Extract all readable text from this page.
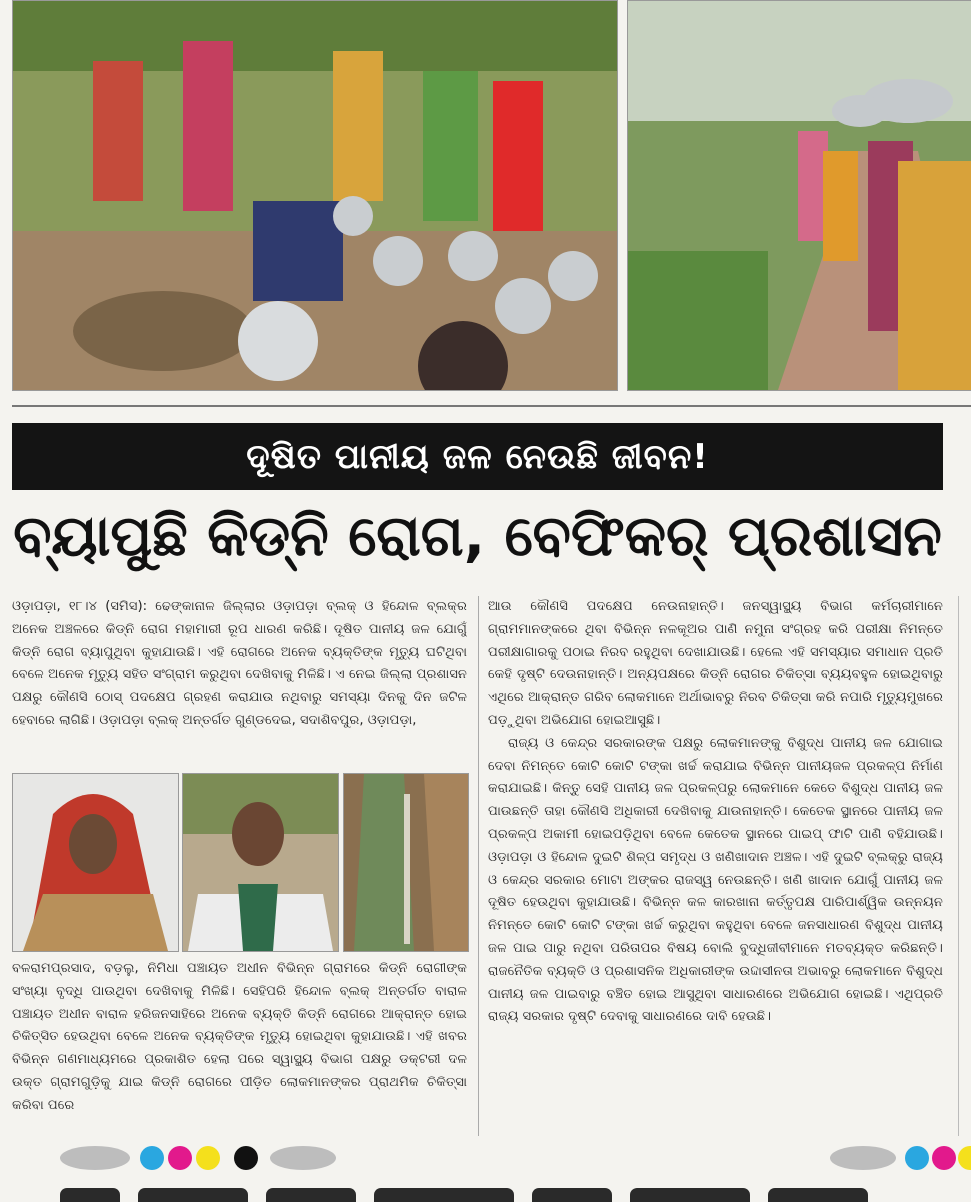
ଦୂଷିତ ପାନୀୟ ଜଳ ନେଉଛି ଜୀବନ!
ବ୍ୟାପୁଛି କିଡ୍‌ନି ରୋଗ, ବେଫିକର୍ ପ୍ରଶାସନ

ଓଡ଼ାପଡ଼ା, ୧୮।୪ (ସମିସ): ଢେଙ୍କାନାଳ ଜିଲ୍ଲାର ଓଡ଼ାପଡ଼ା ବ୍ଲକ୍ ଓ ହିନ୍ଦୋଳ ବ୍ଲକ୍‌ର ଅନେକ ଅଞ୍ଚଳରେ କିଡ୍‌ନି ରୋଗ ମହାମାରୀ ରୂପ ଧାରଣ କରିଛି। ଦୂଷିତ ପାନୀୟ ଜଳ ଯୋଗୁଁ କିଡ୍‌ନି ରୋଗ ବ୍ୟାପୁଥିବା କୁହାଯାଉଛି। ଏହି ରୋଗରେ ଅନେକ ବ୍ୟକ୍ତିଙ୍କ ମୃତ୍ୟୁ ଘଟିଥିବା ବେଳେ ଅନେକ ମୃତ୍ୟୁ ସହିତ ସଂଗ୍ରାମ କରୁଥିବା ଦେଖିବାକୁ ମିଳିଛି। ଏ ନେଇ ଜିଲ୍ଲା ପ୍ରଶାସନ ପକ୍ଷରୁ କୌଣସି ଠୋସ୍ ପଦକ୍ଷେପ ଗ୍ରହଣ କରାଯାଉ ନଥିବାରୁ ସମସ୍ୟା ଦିନକୁ ଦିନ ଜଟିଳ ହେବାରେ ଲାଗିଛି। ଓଡ଼ାପଡ଼ା ବ୍ଲକ୍ ଅନ୍ତର୍ଗତ ଗୁଣ୍ଡଦେଇ, ସଦାଶିବପୁର, ଓଡ଼ାପଡ଼ା,

ବଳରାମପ୍ରସାଦ, ବଡ଼ଲୁ, ନିମିଧା ପଞ୍ଚାୟତ ଅଧୀନ ବିଭିନ୍ନ ଗ୍ରାମରେ କିଡ୍‌ନି ରୋଗୀଙ୍କ ସଂଖ୍ୟା ବୃଦ୍ଧି ପାଉଥିବା ଦେଖିବାକୁ ମିଳିଛି। ସେହିପରି ହିନ୍ଦୋଳ ବ୍ଲକ୍ ଅନ୍ତର୍ଗତ ବାରାଳ ପଞ୍ଚାୟତ ଅଧୀନ ବାରାଳ ହରିଜନସାହିରେ ଅନେକ ବ୍ୟକ୍ତି କିଡ୍‌ନି ରୋଗରେ ଆକ୍ରାନ୍ତ ହୋଇ ଚିକିତ୍ସିତ ହେଉଥିବା ବେଳେ ଅନେକ ବ୍ୟକ୍ତିଙ୍କ ମୃତ୍ୟୁ ହୋଇଥିବା କୁହାଯାଉଛି। ଏହି ଖବର ବିଭିନ୍ନ ଗଣମାଧ୍ୟମରେ ପ୍ରକାଶିତ ହେଲା ପରେ ସ୍ୱାସ୍ଥ୍ୟ ବିଭାଗ ପକ୍ଷରୁ ଡକ୍ଟରୀ ଦଳ ଉକ୍ତ ଗ୍ରାମଗୁଡ଼ିକୁ ଯାଇ କିଡ୍‌ନି ରୋଗରେ ପୀଡ଼ିତ ଲୋକମାନଙ୍କର ପ୍ରାଥମିକ ଚିକିତ୍ସା କରିବା ପରେ

ଆଉ କୌଣସି ପଦକ୍ଷେପ ନେଉନାହାନ୍ତି। ଜନସ୍ୱାସ୍ଥ୍ୟ ବିଭାଗ କର୍ମଚାରୀମାନେ ଗ୍ରାମମାନଙ୍କରେ ଥିବା ବିଭିନ୍ନ ନଳକୂଅର ପାଣି ନମୁନା ସଂଗ୍ରହ କରି ପରୀକ୍ଷା ନିମନ୍ତେ ପରୀକ୍ଷାଗାରକୁ ପଠାଇ ନିରବ ରହୁଥିବା ଦେଖାଯାଉଛି। ହେଲେ ଏହି ସମସ୍ୟାର ସମାଧାନ ପ୍ରତି କେହି ଦୃଷ୍ଟି ଦେଉନାହାନ୍ତି। ଅନ୍ୟପକ୍ଷରେ କିଡ୍‌ନି ରୋଗର ଚିକିତ୍ସା ବ୍ୟୟବହୁଳ ହୋଇଥିବାରୁ ଏଥିରେ ଆକ୍ରାନ୍ତ ଗରିବ ଲୋକମାନେ ଅର୍ଥାଭାବରୁ ନିରବ ଚିକିତ୍ସା କରି ନପାରି ମୃତ୍ୟୁମୁଖରେ ପଡ଼ୁଥିବା ଅଭିଯୋଗ ହୋଇଆସୁଛି।

ରାଜ୍ୟ ଓ କେନ୍ଦ୍ର ସରକାରଙ୍କ ପକ୍ଷରୁ ଲୋକମାନଙ୍କୁ ବିଶୁଦ୍ଧ ପାନୀୟ ଜଳ ଯୋଗାଇ ଦେବା ନିମନ୍ତେ କୋଟି କୋଟି ଟଙ୍କା ଖର୍ଚ୍ଚ କରାଯାଇ ବିଭିନ୍ନ ପାନୀୟଜଳ ପ୍ରକଳ୍ପ ନିର୍ମାଣ କରାଯାଇଛି। କିନ୍ତୁ ସେହି ପାନୀୟ ଜଳ ପ୍ରକଳ୍ପରୁ ଲୋକମାନେ କେତେ ବିଶୁଦ୍ଧ ପାନୀୟ ଜଳ ପାଉଛନ୍ତି ତାହା କୌଣସି ଅଧିକାରୀ ଦେଖିବାକୁ ଯାଉନାହାନ୍ତି। କେତେକ ସ୍ଥାନରେ ପାନୀୟ ଜଳ ପ୍ରକଳ୍ପ ଅକାମୀ ହୋଇପଡ଼ିଥିବା ବେଳେ କେତେକ ସ୍ଥାନରେ ପାଇପ୍ ଫାଟି ପାଣି ବହିଯାଉଛି। ଓଡ଼ାପଡ଼ା ଓ ହିନ୍ଦୋଳ ଦୁଇଟି ଶିଳ୍ପ ସମୃଦ୍ଧ ଓ ଖଣିଖାଦାନ ଅଞ୍ଚଳ। ଏହି ଦୁଇଟି ବ୍ଲକ୍‌ରୁ ରାଜ୍ୟ ଓ କେନ୍ଦ୍ର ସରକାର ମୋଟା ଅଙ୍କର ରାଜସ୍ୱ ନେଉଛନ୍ତି। ଖଣି ଖାଦାନ ଯୋଗୁଁ ପାନୀୟ ଜଳ ଦୂଷିତ ହେଉଥିବା କୁହାଯାଉଛି। ବିଭିନ୍ନ କଳ କାରଖାନା କର୍ତ୍ତୃପକ୍ଷ ପାରିପାର୍ଶ୍ୱିକ ଉନ୍ନୟନ ନିମନ୍ତେ କୋଟି କୋଟି ଟଙ୍କା ଖର୍ଚ୍ଚ କରୁଥିବା କହୁଥିବା ବେଳେ ଜନସାଧାରଣ ବିଶୁଦ୍ଧ ପାନୀୟ ଜଳ ପାଇ ପାରୁ ନଥିବା ପରିତାପର ବିଷୟ ବୋଲି ବୁଦ୍ଧିଜୀବୀମାନେ ମତବ୍ୟକ୍ତ କରିଛନ୍ତି। ରାଜନୈତିକ ବ୍ୟକ୍ତି ଓ ପ୍ରଶାସନିକ ଅଧିକାରୀଙ୍କ ଉଦ୍ଦାସୀନତା ଅଭାବରୁ ଲୋକମାନେ ବିଶୁଦ୍ଧ ପାନୀୟ ଜଳ ପାଇବାରୁ ବଞ୍ଚିତ ହୋଇ ଆସୁଥିବା ସାଧାରଣରେ ଅଭିଯୋଗ ହୋଇଛି। ଏଥିପ୍ରତି ରାଜ୍ୟ ସରକାର ଦୃଷ୍ଟି ଦେବାକୁ ସାଧାରଣରେ ଦାବି ହେଉଛି।
